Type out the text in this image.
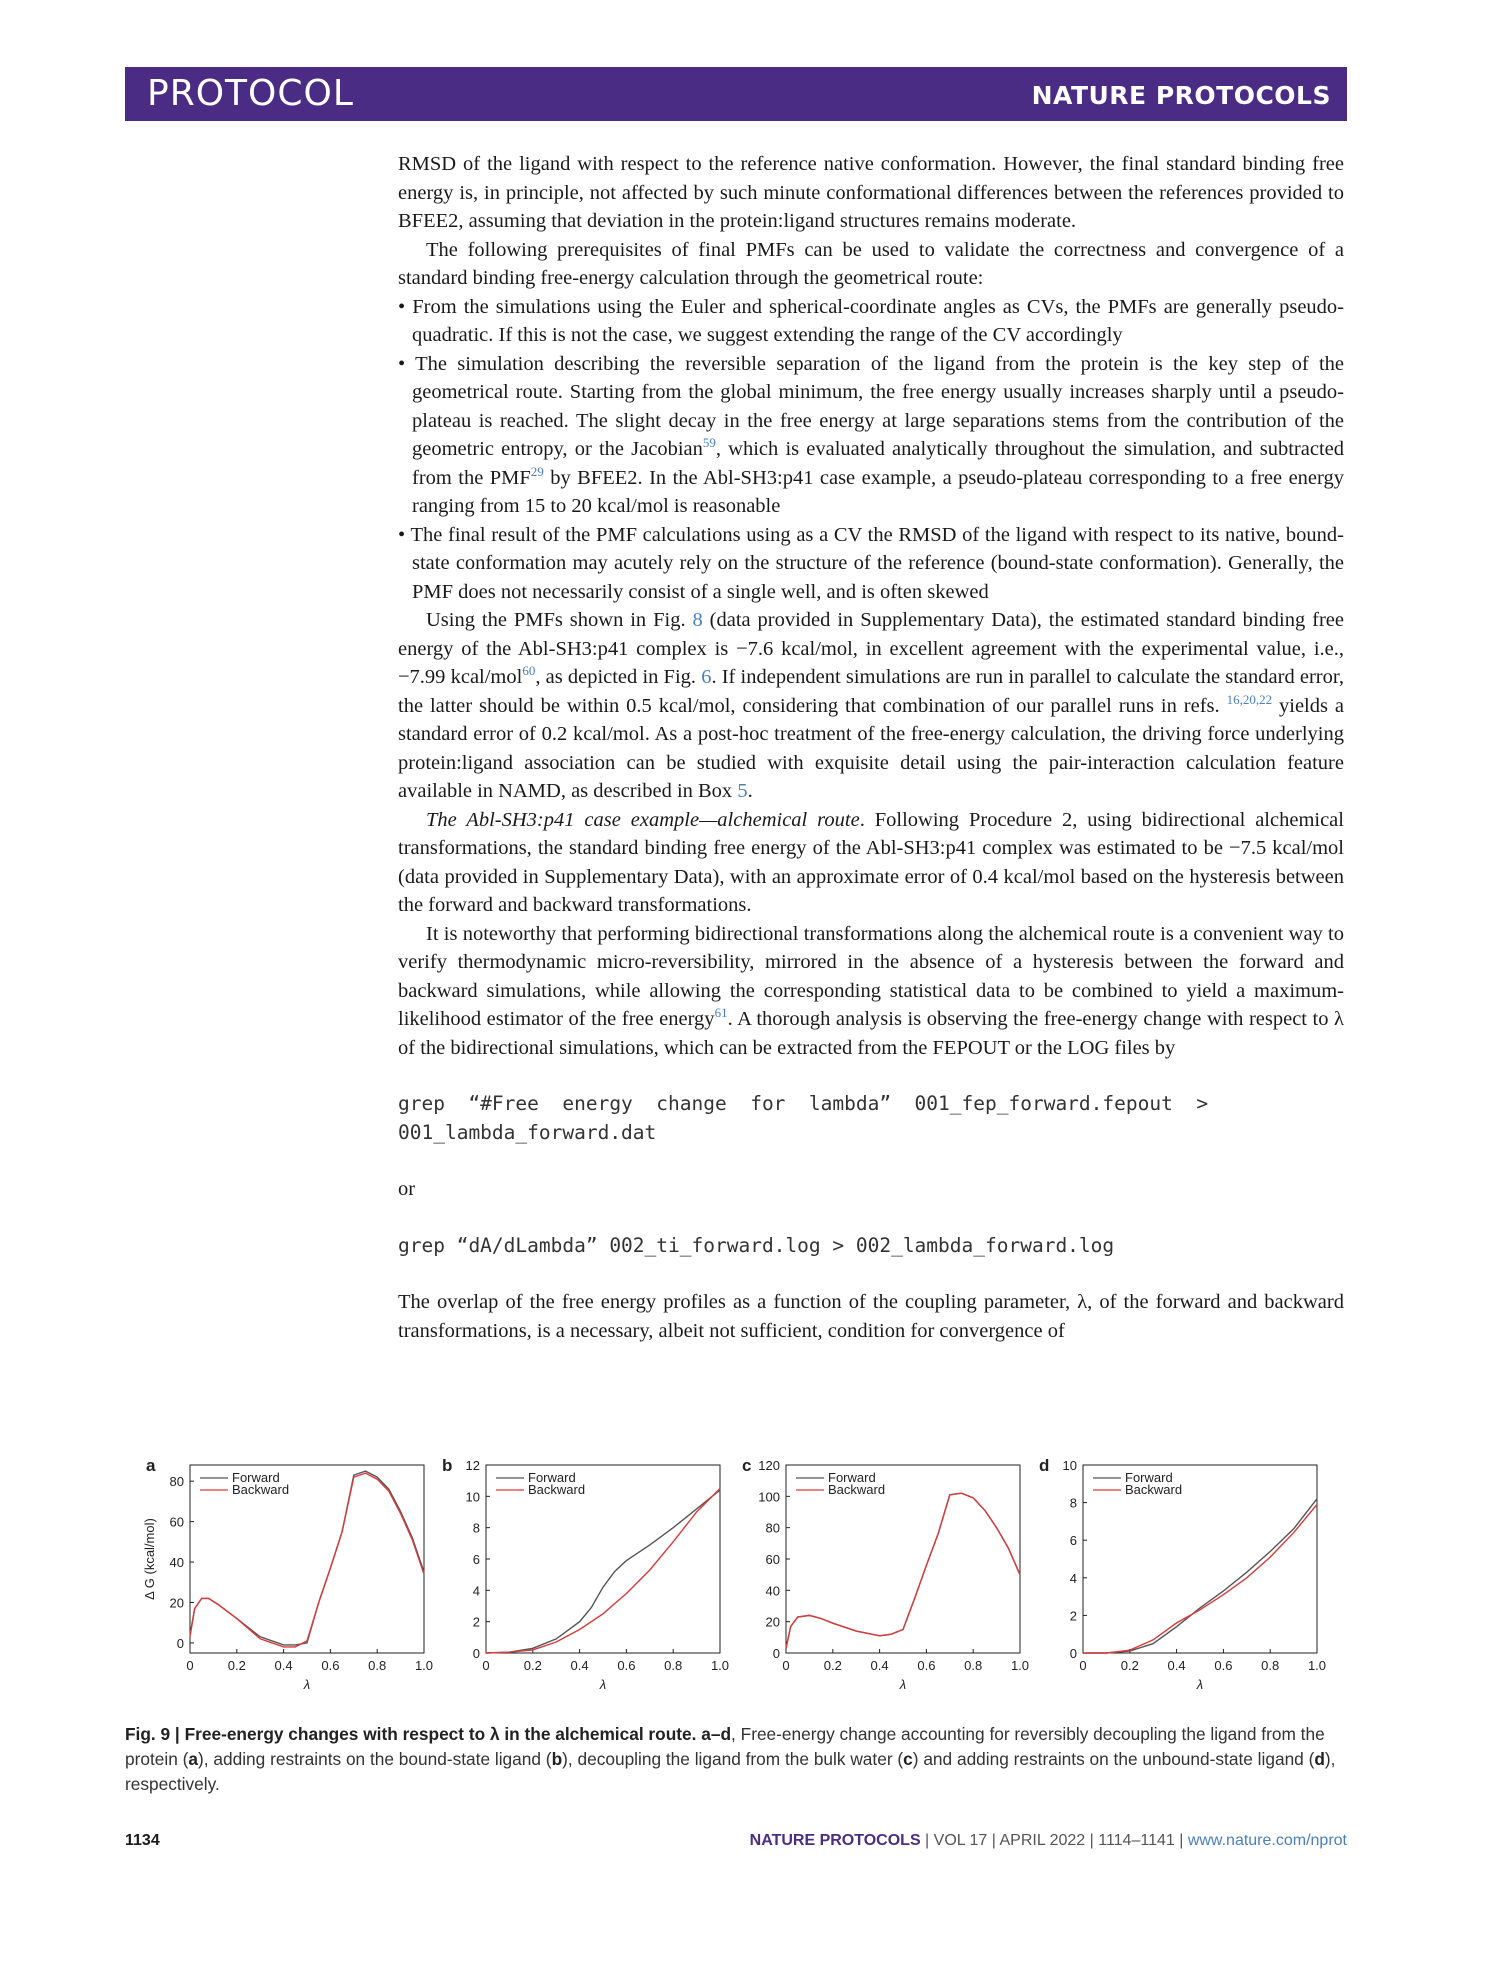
PROTOCOL	NATURE PROTOCOLS

RMSD of the ligand with respect to the reference native conformation. However, the final standard binding free energy is, in principle, not affected by such minute conformational differences between the references provided to BFEE2, assuming that deviation in the protein:ligand structures remains moderate.

The following prerequisites of final PMFs can be used to validate the correctness and convergence of a standard binding free-energy calculation through the geometrical route:

• From the simulations using the Euler and spherical-coordinate angles as CVs, the PMFs are generally pseudo-quadratic. If this is not the case, we suggest extending the range of the CV accordingly

• The simulation describing the reversible separation of the ligand from the protein is the key step of the geometrical route. Starting from the global minimum, the free energy usually increases sharply until a pseudo-plateau is reached. The slight decay in the free energy at large separations stems from the contribution of the geometric entropy, or the Jacobian$^{59}$, which is evaluated analytically throughout the simulation, and subtracted from the PMF$^{29}$ by BFEE2. In the Abl-SH3:p41 case example, a pseudo-plateau corresponding to a free energy ranging from 15 to 20 kcal/mol is reasonable

• The final result of the PMF calculations using as a CV the RMSD of the ligand with respect to its native, bound-state conformation may acutely rely on the structure of the reference (bound-state conformation). Generally, the PMF does not necessarily consist of a single well, and is often skewed

Using the PMFs shown in Fig. 8 (data provided in Supplementary Data), the estimated standard binding free energy of the Abl-SH3:p41 complex is −7.6 kcal/mol, in excellent agreement with the experimental value, i.e., −7.99 kcal/mol$^{60}$, as depicted in Fig. 6. If independent simulations are run in parallel to calculate the standard error, the latter should be within 0.5 kcal/mol, considering that combination of our parallel runs in refs. $^{16,20,22}$ yields a standard error of 0.2 kcal/mol. As a post-hoc treatment of the free-energy calculation, the driving force underlying protein:ligand association can be studied with exquisite detail using the pair-interaction calculation feature available in NAMD, as described in Box 5.

The Abl-SH3:p41 case example—alchemical route. Following Procedure 2, using bidirectional alchemical transformations, the standard binding free energy of the Abl-SH3:p41 complex was estimated to be −7.5 kcal/mol (data provided in Supplementary Data), with an approximate error of 0.4 kcal/mol based on the hysteresis between the forward and backward transformations.

It is noteworthy that performing bidirectional transformations along the alchemical route is a convenient way to verify thermodynamic micro-reversibility, mirrored in the absence of a hysteresis between the forward and backward simulations, while allowing the corresponding statistical data to be combined to yield a maximum-likelihood estimator of the free energy$^{61}$. A thorough analysis is observing the free-energy change with respect to λ of the bidirectional simulations, which can be extracted from the FEPOUT or the LOG files by

grep  “#Free  energy  change  for  lambda”  001_fep_forward.fepout  >

001_lambda_forward.dat

or

grep “dA/dLambda” 002_ti_forward.log > 002_lambda_forward.log

The overlap of the free energy profiles as a function of the coupling parameter, λ, of the forward and backward transformations, is a necessary, albeit not sufficient, condition for convergence of

a
0	0.2 0.4 0.6 0.8 1.0
0
20
40
60
80
λ
Δ G (kcal/mol)
Forward
Backward
b
0	0.2 0.4 0.6 0.8 1.0
0
2
4
6
8
10
12
λ
Forward
Backward
c
0	0.2 0.4 0.6 0.8 1.0
0
20
40
60
80
100
120
λ
Forward
Backward
d
0	0.2 0.4 0.6 0.8 1.0
0
2
4
6
8
10
λ
Forward
Backward
Fig. 9 | Free-energy changes with respect to λ in the alchemical route. a–d, Free-energy change accounting for reversibly decoupling the ligand from the protein (a), adding restraints on the bound-state ligand (b), decoupling the ligand from the bulk water (c) and adding restraints on the unbound-state ligand (d), respectively.
1134	NATURE PROTOCOLS | VOL 17 | APRIL 2022 | 1114–1141 | www.nature.com/nprot
